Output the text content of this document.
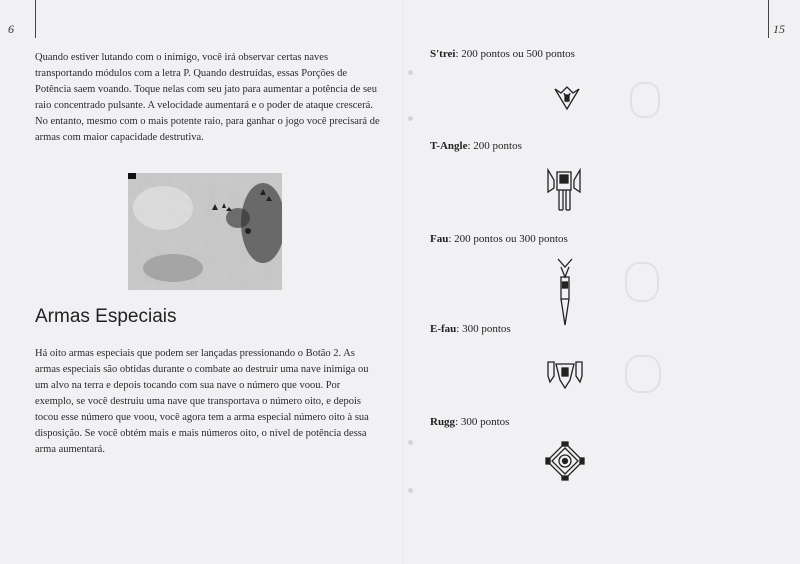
6	15
Quando estiver lutando com o inimigo, você irá observar certas naves transportando módulos com a letra P. Quando destruídas, essas Porções de Potência saem voando. Toque nelas com seu jato para aumentar a potência de seu raio concentrado pulsante. A velocidade aumentará e o poder de ataque crescerá. No entanto, mesmo com o mais potente raio, para ganhar o jogo você precisará de armas com maior capacidade destrutiva.
Armas Especiais
Há oito armas especiais que podem ser lançadas pressionando o Botão 2. As armas especiais são obtidas durante o combate ao destruir uma nave inimiga ou um alvo na terra e depois tocando com sua nave o número que voou. Por exemplo, se você destruiu uma nave que transportava o número oito, e depois tocou esse número que voou, você agora tem a arma especial número oito à sua disposição. Se você obtém mais e mais números oito, o nível de potência dessa arma aumentará.
S'trei: 200 pontos ou 500 pontos
T-Angle: 200 pontos
Fau: 200 pontos ou 300 pontos
E-fau: 300 pontos
Rugg: 300 pontos
